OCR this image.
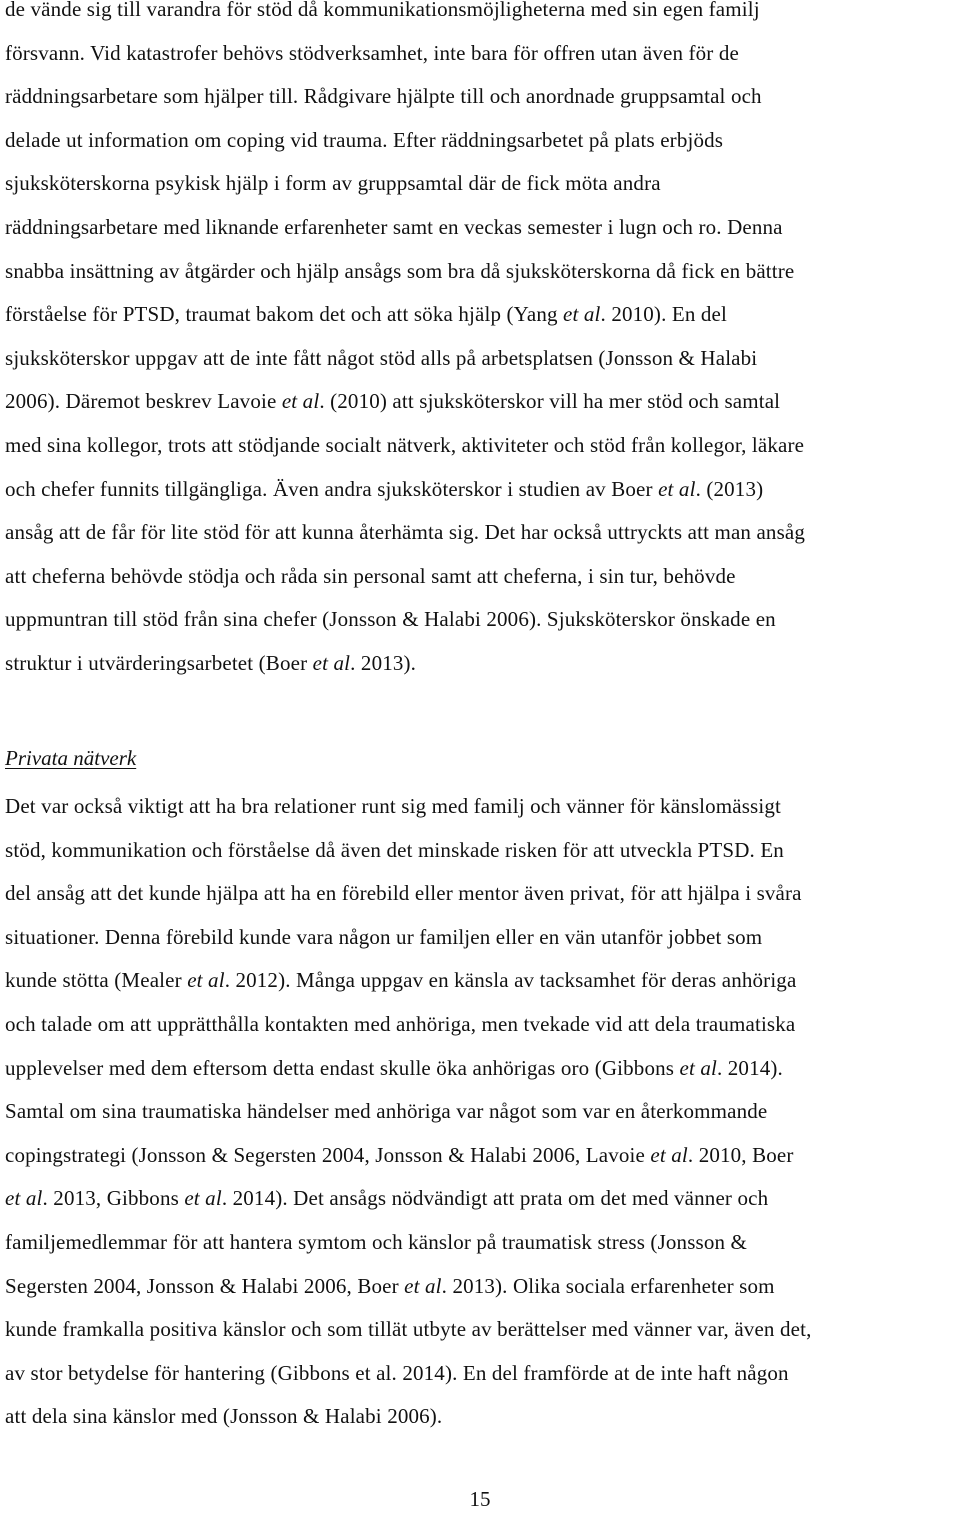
de vände sig till varandra för stöd då kommunikationsmöjligheterna med sin egen familj
försvann. Vid katastrofer behövs stödverksamhet, inte bara för offren utan även för de
räddningsarbetare som hjälper till. Rådgivare hjälpte till och anordnade gruppsamtal och
delade ut information om coping vid trauma. Efter räddningsarbetet på plats erbjöds
sjuksköterskorna psykisk hjälp i form av gruppsamtal där de fick möta andra
räddningsarbetare med liknande erfarenheter samt en veckas semester i lugn och ro. Denna
snabba insättning av åtgärder och hjälp ansågs som bra då sjuksköterskorna då fick en bättre
förståelse för PTSD, traumat bakom det och att söka hjälp (Yang et al. 2010). En del
sjuksköterskor uppgav att de inte fått något stöd alls på arbetsplatsen (Jonsson & Halabi
2006). Däremot beskrev Lavoie et al. (2010) att sjuksköterskor vill ha mer stöd och samtal
med sina kollegor, trots att stödjande socialt nätverk, aktiviteter och stöd från kollegor, läkare
och chefer funnits tillgängliga. Även andra sjuksköterskor i studien av Boer et al. (2013)
ansåg att de får för lite stöd för att kunna återhämta sig. Det har också uttryckts att man ansåg
att cheferna behövde stödja och råda sin personal samt att cheferna, i sin tur, behövde
uppmuntran till stöd från sina chefer (Jonsson & Halabi 2006). Sjuksköterskor önskade en
struktur i utvärderingsarbetet (Boer et al. 2013).

Privata nätverk

Det var också viktigt att ha bra relationer runt sig med familj och vänner för känslomässigt
stöd, kommunikation och förståelse då även det minskade risken för att utveckla PTSD. En
del ansåg att det kunde hjälpa att ha en förebild eller mentor även privat, för att hjälpa i svåra
situationer. Denna förebild kunde vara någon ur familjen eller en vän utanför jobbet som
kunde stötta (Mealer et al. 2012). Många uppgav en känsla av tacksamhet för deras anhöriga
och talade om att upprätthålla kontakten med anhöriga, men tvekade vid att dela traumatiska
upplevelser med dem eftersom detta endast skulle öka anhörigas oro (Gibbons et al. 2014).
Samtal om sina traumatiska händelser med anhöriga var något som var en återkommande
copingstrategi (Jonsson & Segersten 2004, Jonsson & Halabi 2006, Lavoie et al. 2010, Boer
et al. 2013, Gibbons et al. 2014). Det ansågs nödvändigt att prata om det med vänner och
familjemedlemmar för att hantera symtom och känslor på traumatisk stress (Jonsson &
Segersten 2004, Jonsson & Halabi 2006, Boer et al. 2013). Olika sociala erfarenheter som
kunde framkalla positiva känslor och som tillät utbyte av berättelser med vänner var, även det,
av stor betydelse för hantering (Gibbons et al. 2014). En del framförde at de inte haft någon
att dela sina känslor med (Jonsson & Halabi 2006).

15
